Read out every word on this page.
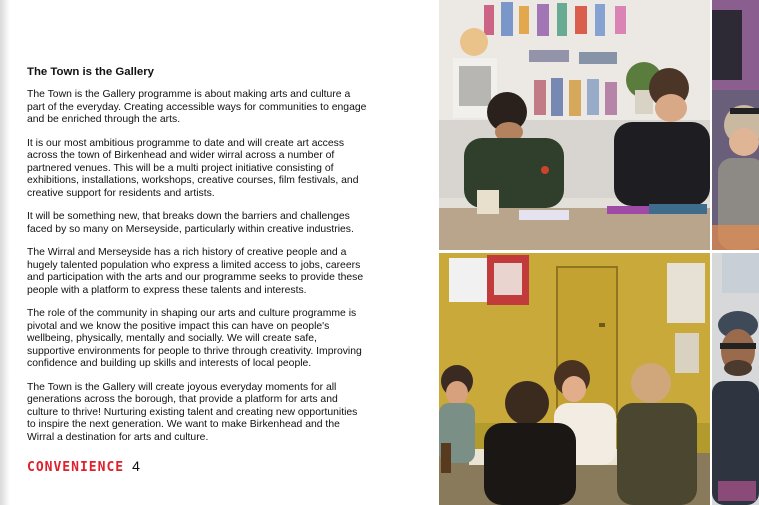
The Town is the Gallery

The Town is the Gallery programme is about making arts and culture a part of the everyday. Creating accessible ways for communities to engage and be enriched through the arts.

It is our most ambitious programme to date and will create art access across the town of Birkenhead and wider wirral across a number of partnered venues. This will be a multi project initiative consisting of exhibitions, installations, workshops, creative courses, film festivals, and creative support for residents and artists.

It will be something new, that breaks down the barriers and challenges faced by so many on Merseyside, particularly within creative industries.

The Wirral and Merseyside has a rich history of creative people and a hugely talented population who express a limited access to jobs, careers and participation with the arts and our programme seeks to provide these people with a platform to express these talents and interests.

The role of the community in shaping our arts and culture programme is pivotal and we know the positive impact this can have on people's wellbeing, physically, mentally and socially. We will create safe, supportive environments for people to thrive through creativity. Improving confidence and building up skills and interests of local people.

The Town is the Gallery will create joyous everyday moments for all generations across the borough, that provide a platform for arts and culture to thrive! Nurturing existing talent and creating new opportunities to inspire the next generation. We want to make Birkenhead and the Wirral a destination for arts and culture.

CONVENIENCE 4
